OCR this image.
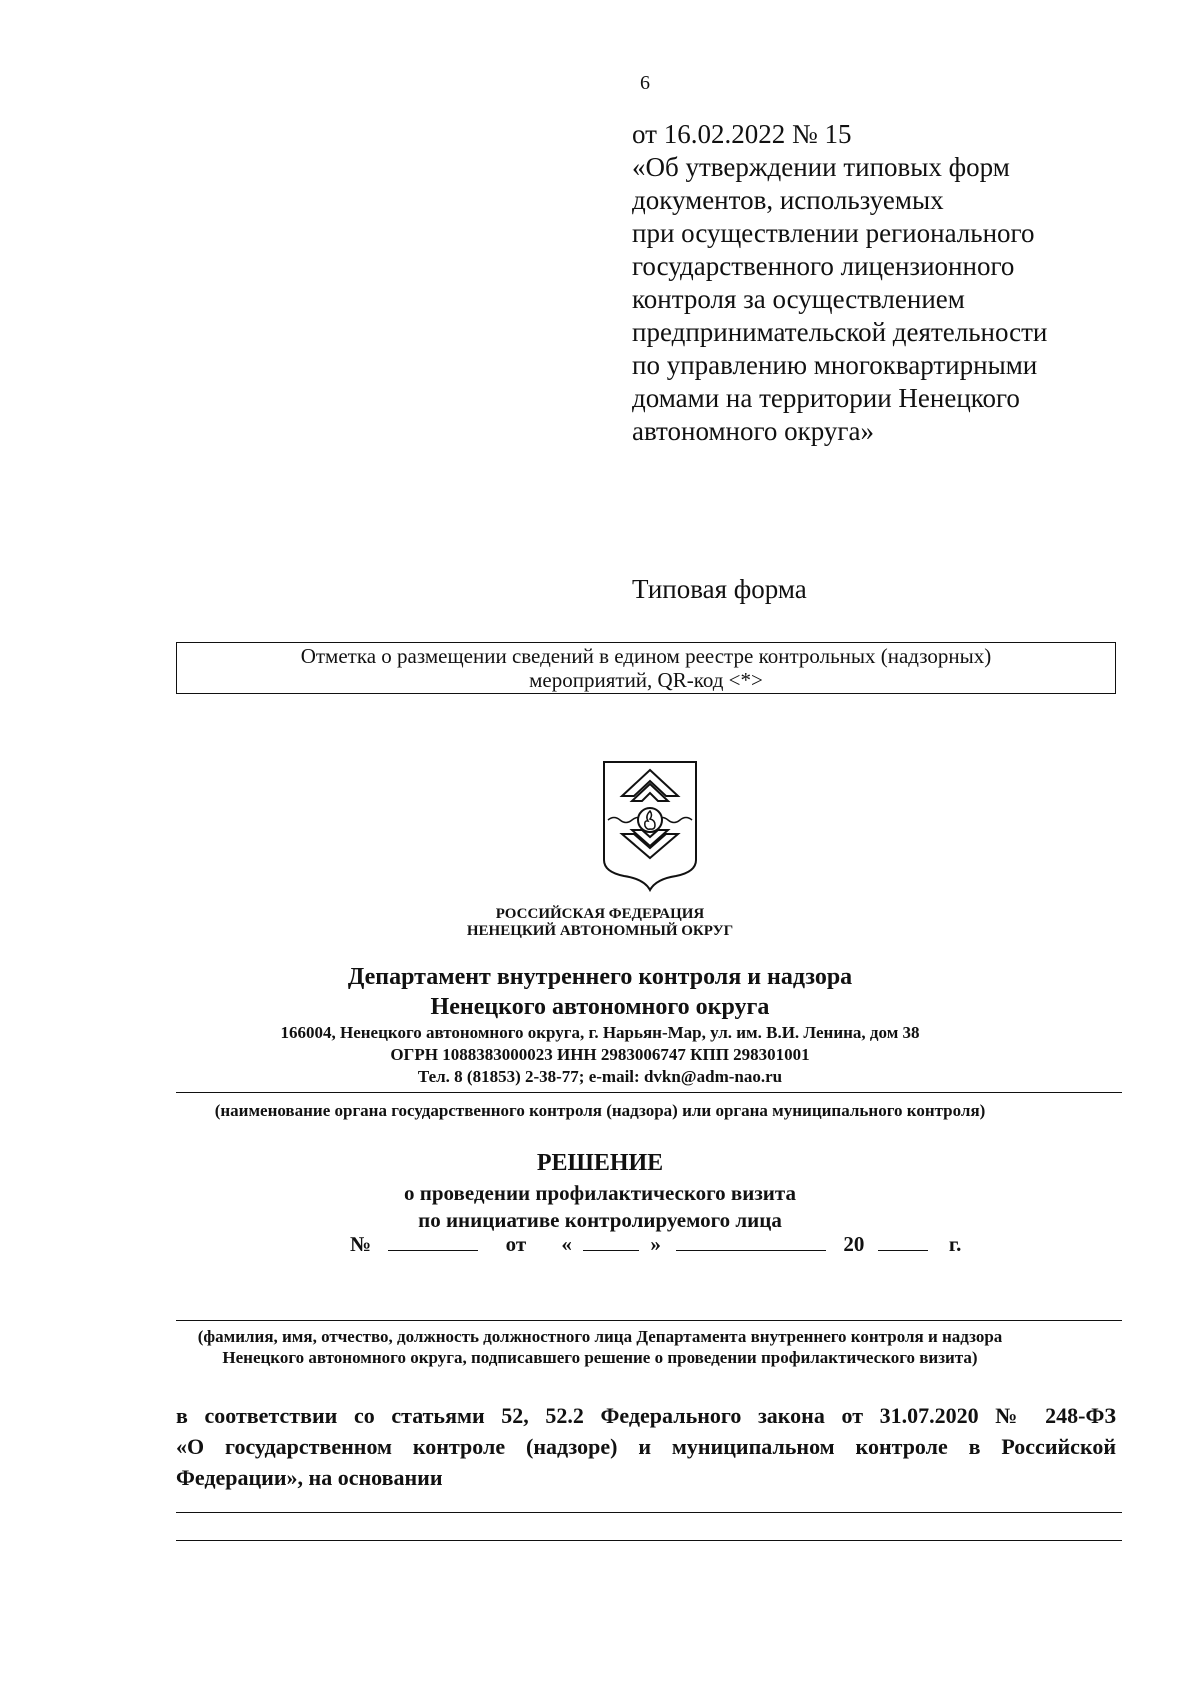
6
от 16.02.2022 № 15
«Об утверждении типовых форм
документов, используемых
при осуществлении регионального
государственного лицензионного
контроля за осуществлением
предпринимательской деятельности
по управлению многоквартирными
домами на территории Ненецкого
автономного округа»
Типовая форма
Отметка о размещении сведений в едином реестре контрольных (надзорных)
мероприятий, QR-код <*>
РОССИЙСКАЯ ФЕДЕРАЦИЯ
НЕНЕЦКИЙ АВТОНОМНЫЙ ОКРУГ
Департамент внутреннего контроля и надзора
Ненецкого автономного округа
166004, Ненецкого автономного округа, г. Нарьян-Мар, ул. им. В.И. Ленина, дом 38
ОГРН 1088383000023 ИНН 2983006747 КПП 298301001
Тел. 8 (81853) 2-38-77; e-mail: dvkn@adm-nao.ru
(наименование органа государственного контроля (надзора) или органа муниципального контроля)
РЕШЕНИЕ
о проведении профилактического визита
по инициативе контролируемого лица
№	от «	»	20	г.
(фамилия, имя, отчество, должность должностного лица Департамента внутреннего контроля и надзора
Ненецкого автономного округа, подписавшего решение о проведении профилактического визита)
в соответствии со статьями 52, 52.2 Федерального закона от 31.07.2020 № 248-ФЗ
«О государственном контроле (надзоре) и муниципальном контроле в Российской
Федерации», на основании
